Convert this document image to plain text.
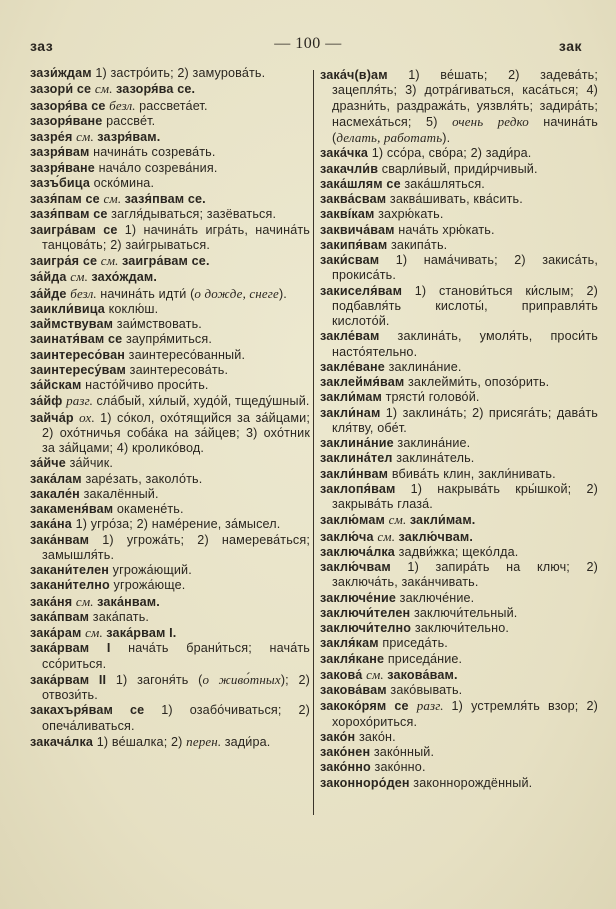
заз	— 100 —	зак
зази́ждам 1) застро́ить; 2) замурова́ть.
зазори́ се см. зазоря́ва се.
зазоря́ва се безл. рассвета́ет.
зазоря́ване рассве́т.
зазре́я см. зазря́вам.
зазря́вам начина́ть созрева́ть.
зазря́ване нача́ло созрева́ния.
зазъ́бица оско́мина.
зазя́пам се см. зазя́пвам се.
зазя́пвам се загля́дываться; зазёваться.
заигра́вам се 1) начина́ть игра́ть, начина́ть танцова́ть; 2) заи́грываться.
заигра́я се см. заигра́вам се.
за́йда см. захо́ждам.
за́йде безл. начина́ть идти́ (о дожде, снеге).
заикли́вица коклю́ш.
займствувам заи́мствовать.
заинатя́вам се заупря́миться.
заинтересо́ван заинтересо́ванный.
заинтересу́вам заинтересова́ть.
за́йскам насто́йчиво проси́ть.
за́йф разг. сла́бый, хи́лый, худо́й, тщеду́шный.
зайча́р ох. 1) со́кол, охо́тящийся за за́йцами; 2) охо́тничья соба́ка на за́йцев; 3) охо́тник за за́йцами; 4) кролико́вод.
за́йче за́йчик.
зака́лам заре́зать, заколо́ть.
закале́н закалённый.
закаменя́вам окамене́ть.
зака́на 1) угро́за; 2) наме́рение, за́мысел.
зака́нвам 1) угрожа́ть; 2) намерева́ться; замышля́ть.
закани́телен угрожа́ющий.
закани́телно угрожа́юще.
зака́ня см. зака́нвам.
зака́пвам зака́пать.
зака́рам см. зака́рвам I.
зака́рвам I нача́ть брани́ться; нача́ть ссо́риться.
зака́рвам II 1) загоня́ть (о живо́тных); 2) отвози́ть.
закахъря́вам се 1) озабо́чиваться; 2) опеча́ливаться.
закача́лка 1) ве́шалка; 2) перен. зади́ра.
зака́ч(в)ам 1) ве́шать; 2) задева́ть; зацепля́ть; 3) дотра́гиваться, каса́ться; 4) дразни́ть, раздража́ть, уязвля́ть; задира́ть; насмеха́ться; 5) очень редко начина́ть (делать, работать).
зака́чка 1) ссо́ра, сво́ра; 2) зади́ра.
закачли́в сварли́вый, приди́рчивый.
зака́шлям се зака́шляться.
заква́свам заква́шивать, ква́сить.
заквíкам захрю́кать.
заквича́вам нача́ть хрю́кать.
закипя́вам закипа́ть.
заки́свам 1) нама́чивать; 2) закиса́ть, прокиса́ть.
закиселя́вам 1) станови́ться ки́слым; 2) подбавля́ть кислоты́, приправля́ть кислото́й.
закле́вам заклина́ть, умоля́ть, проси́ть насто́ятельно.
закле́ване заклина́ние.
заклеймя́вам заклейми́ть, опозо́рить.
закли́мам трясти́ голово́й.
закли́нам 1) заклина́ть; 2) присяга́ть; дава́ть кля́тву, обе́т.
заклина́ние заклина́ние.
заклина́тел заклина́тель.
закли́нвам вбива́ть клин, закли́нивать.
заклопя́вам 1) накрыва́ть кры́шкой; 2) закрыва́ть глаза́.
заклю́мам см. закли́мам.
заклю́ча см. заклю́чвам.
заключа́лка задви́жка; щеко́лда.
заклю́чвам 1) запира́ть на ключ; 2) заключа́ть, зака́нчивать.
заключе́ние заключе́ние.
заключи́телен заключи́тельный.
заключи́телно заключи́тельно.
закля́кам приседа́ть.
закля́кане приседа́ние.
закова́ см. закова́вам.
закова́вам зако́вывать.
закоко́рям се разг. 1) устремля́ть взор; 2) хорохо́риться.
зако́н зако́н.
зако́нен зако́нный.
зако́нно зако́нно.
законноро́ден законнорождённый.
